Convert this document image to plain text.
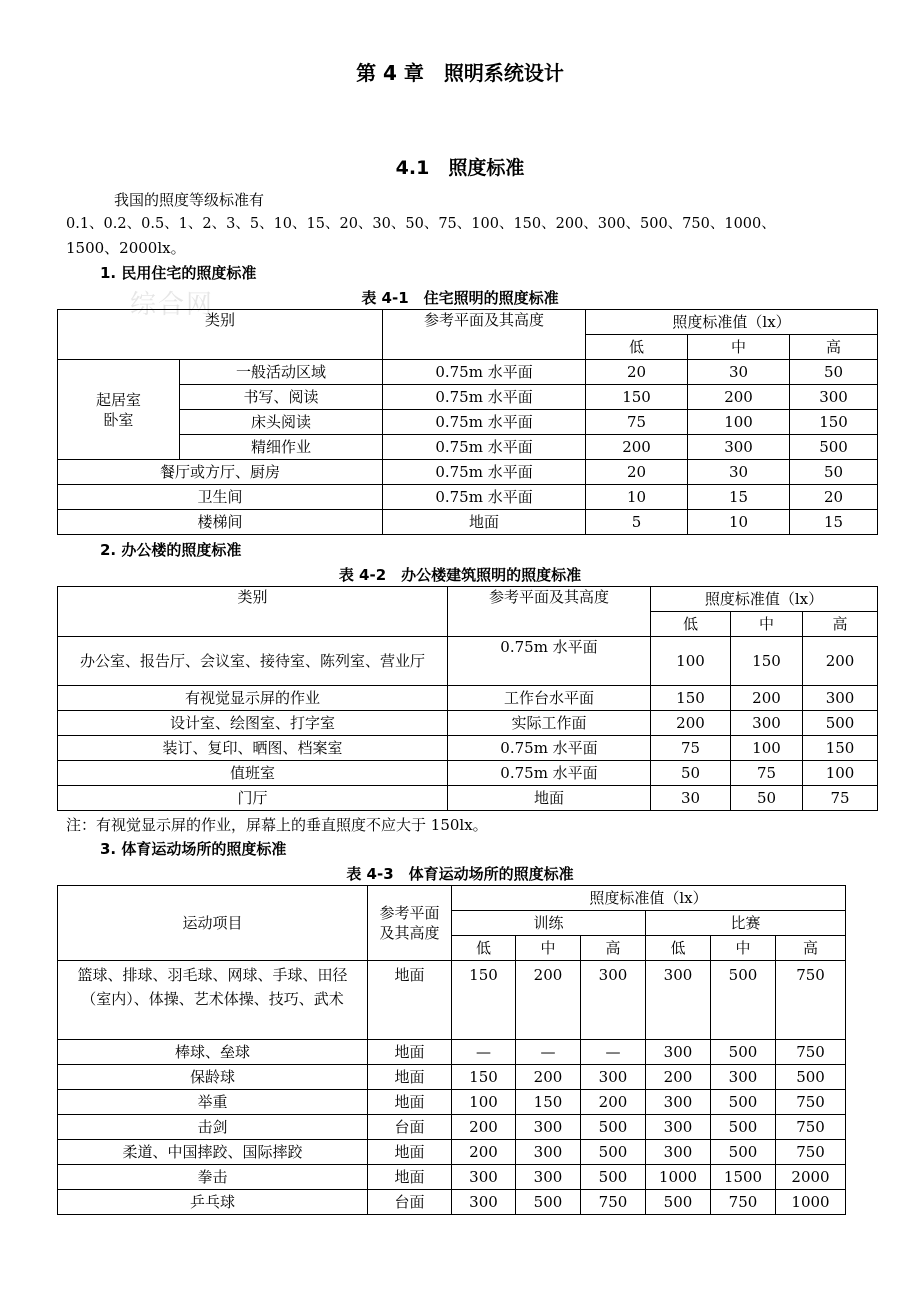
第 4 章　照明系统设计
4.1　照度标准
我国的照度等级标准有
0.1、0.2、0.5、1、2、3、5、10、15、20、30、50、75、100、150、200、300、500、750、1000、
1500、2000lx。
综合网
1. 民用住宅的照度标准
表 4-1　住宅照明的照度标准
类别		参考平面及其高度	照度标准值（lx）		
			低	中	高
起居室
卧室	一般活动区域	0.75m 水平面	20	30	50
	书写、阅读	0.75m 水平面	150	200	300
	床头阅读	0.75m 水平面	75	100	150
	精细作业	0.75m 水平面	200	300	500
餐厅或方厅、厨房		0.75m 水平面	20	30	50
卫生间		0.75m 水平面	10	15	20
楼梯间		地面	5	10	15
2. 办公楼的照度标准
表 4-2　办公楼建筑照明的照度标准
类别	参考平面及其高度	照度标准值（lx）		
		低	中	高
办公室、报告厅、会议室、接待室、陈列室、营业厅	0.75m 水平面	100	150	200
有视觉显示屏的作业	工作台水平面	150	200	300
设计室、绘图室、打字室	实际工作面	200	300	500
装订、复印、晒图、档案室	0.75m 水平面	75	100	150
值班室	0.75m 水平面	50	75	100
门厅	地面	30	50	75
注：有视觉显示屏的作业，屏幕上的垂直照度不应大于 150lx。
3. 体育运动场所的照度标准
表 4-3　体育运动场所的照度标准
运动项目	参考平面及其高度	照度标准值（lx）					
		训练			比赛		
		低	中	高	低	中	高
篮球、排球、羽毛球、网球、手球、田径（室内）、体操、艺术体操、技巧、武术	地面	150	200	300	300	500	750
棒球、垒球	地面	—	—	—	300	500	750
保龄球	地面	150	200	300	200	300	500
举重	地面	100	150	200	300	500	750
击剑	台面	200	300	500	300	500	750
柔道、中国摔跤、国际摔跤	地面	200	300	500	300	500	750
拳击	地面	300	300	500	1000	1500	2000
乒乓球	台面	300	500	750	500	750	1000
